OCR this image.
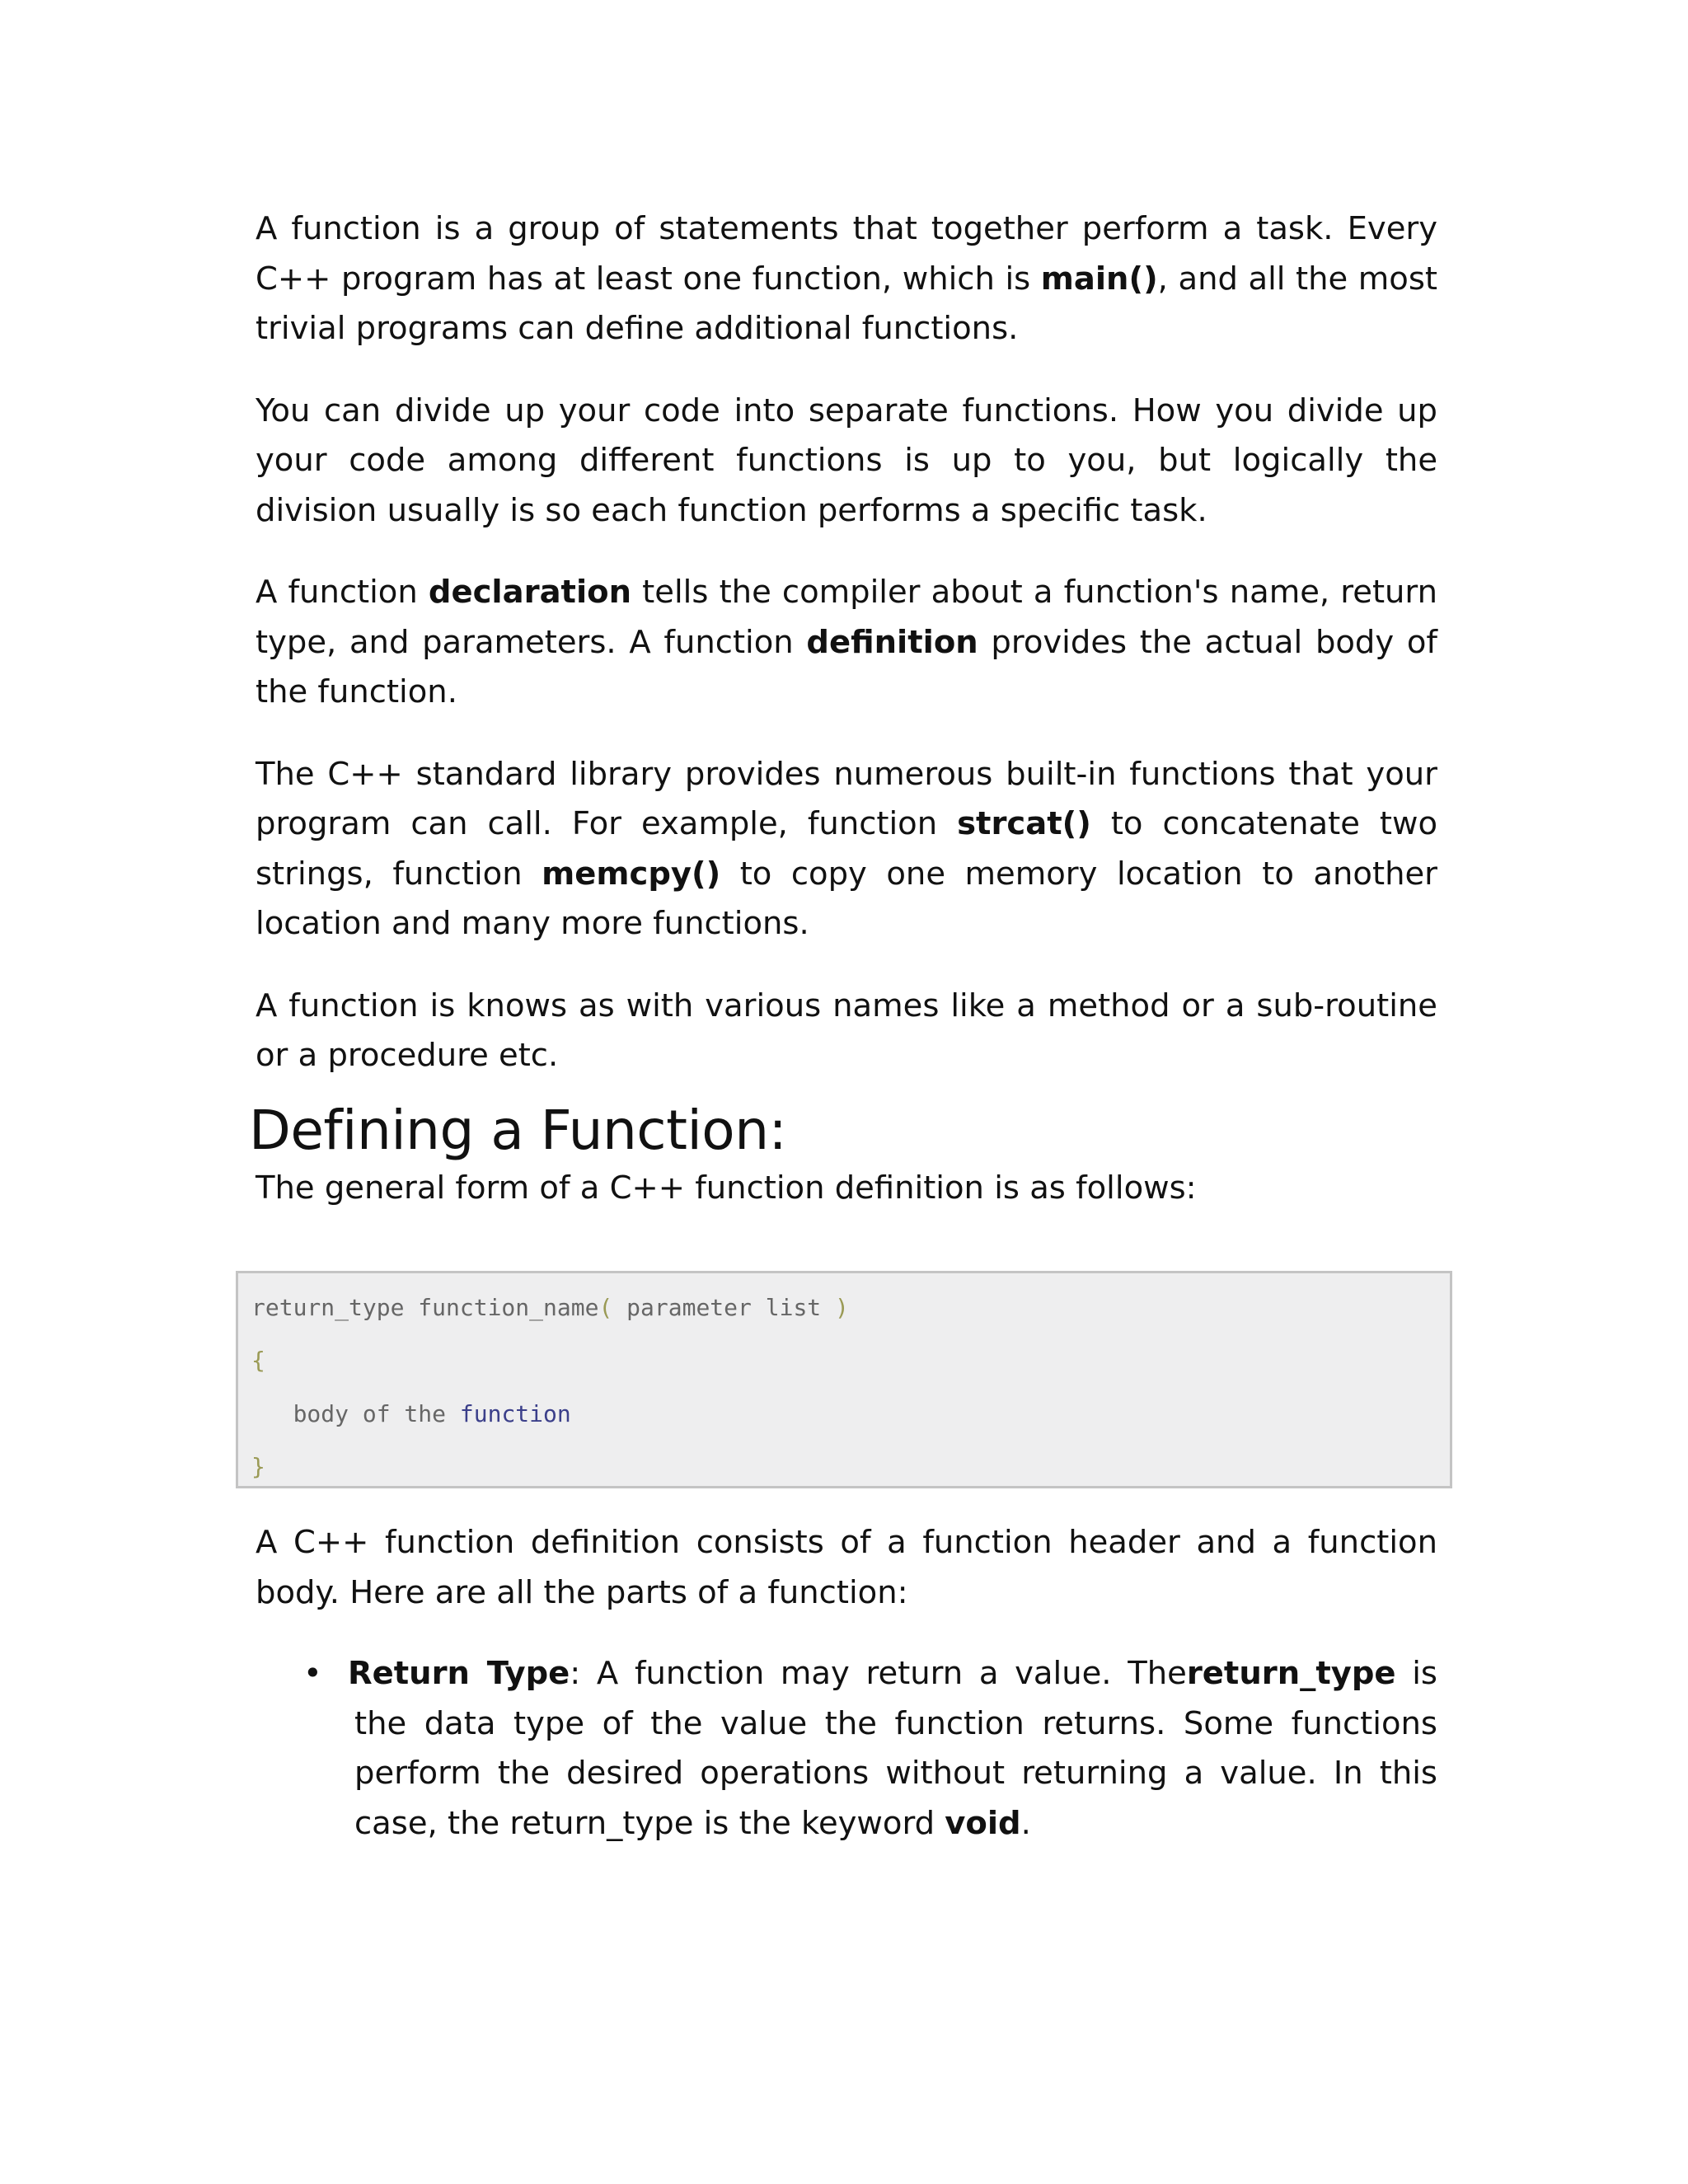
A function is a group of statements that together perform a task. Every C++ program has at least one function, which is main(), and all the most trivial programs can define additional functions.

You can divide up your code into separate functions. How you divide up your code among different functions is up to you, but logically the division usually is so each function performs a specific task.

A function declaration tells the compiler about a function's name, return type, and parameters. A function definition provides the actual body of the function.

The C++ standard library provides numerous built-in functions that your program can call. For example, function strcat() to concatenate two strings, function memcpy() to copy one memory location to another location and many more functions.

A function is knows as with various names like a method or a sub-routine or a procedure etc.

Defining a Function:

The general form of a C++ function definition is as follows:

return_type function_name( parameter list )
{
body of the function
}

A C++ function definition consists of a function header and a function body. Here are all the parts of a function:

• Return Type: A function may return a value. Thereturn_type is the data type of the value the function returns. Some functions perform the desired operations without returning a value. In this case, the return_type is the keyword void.
